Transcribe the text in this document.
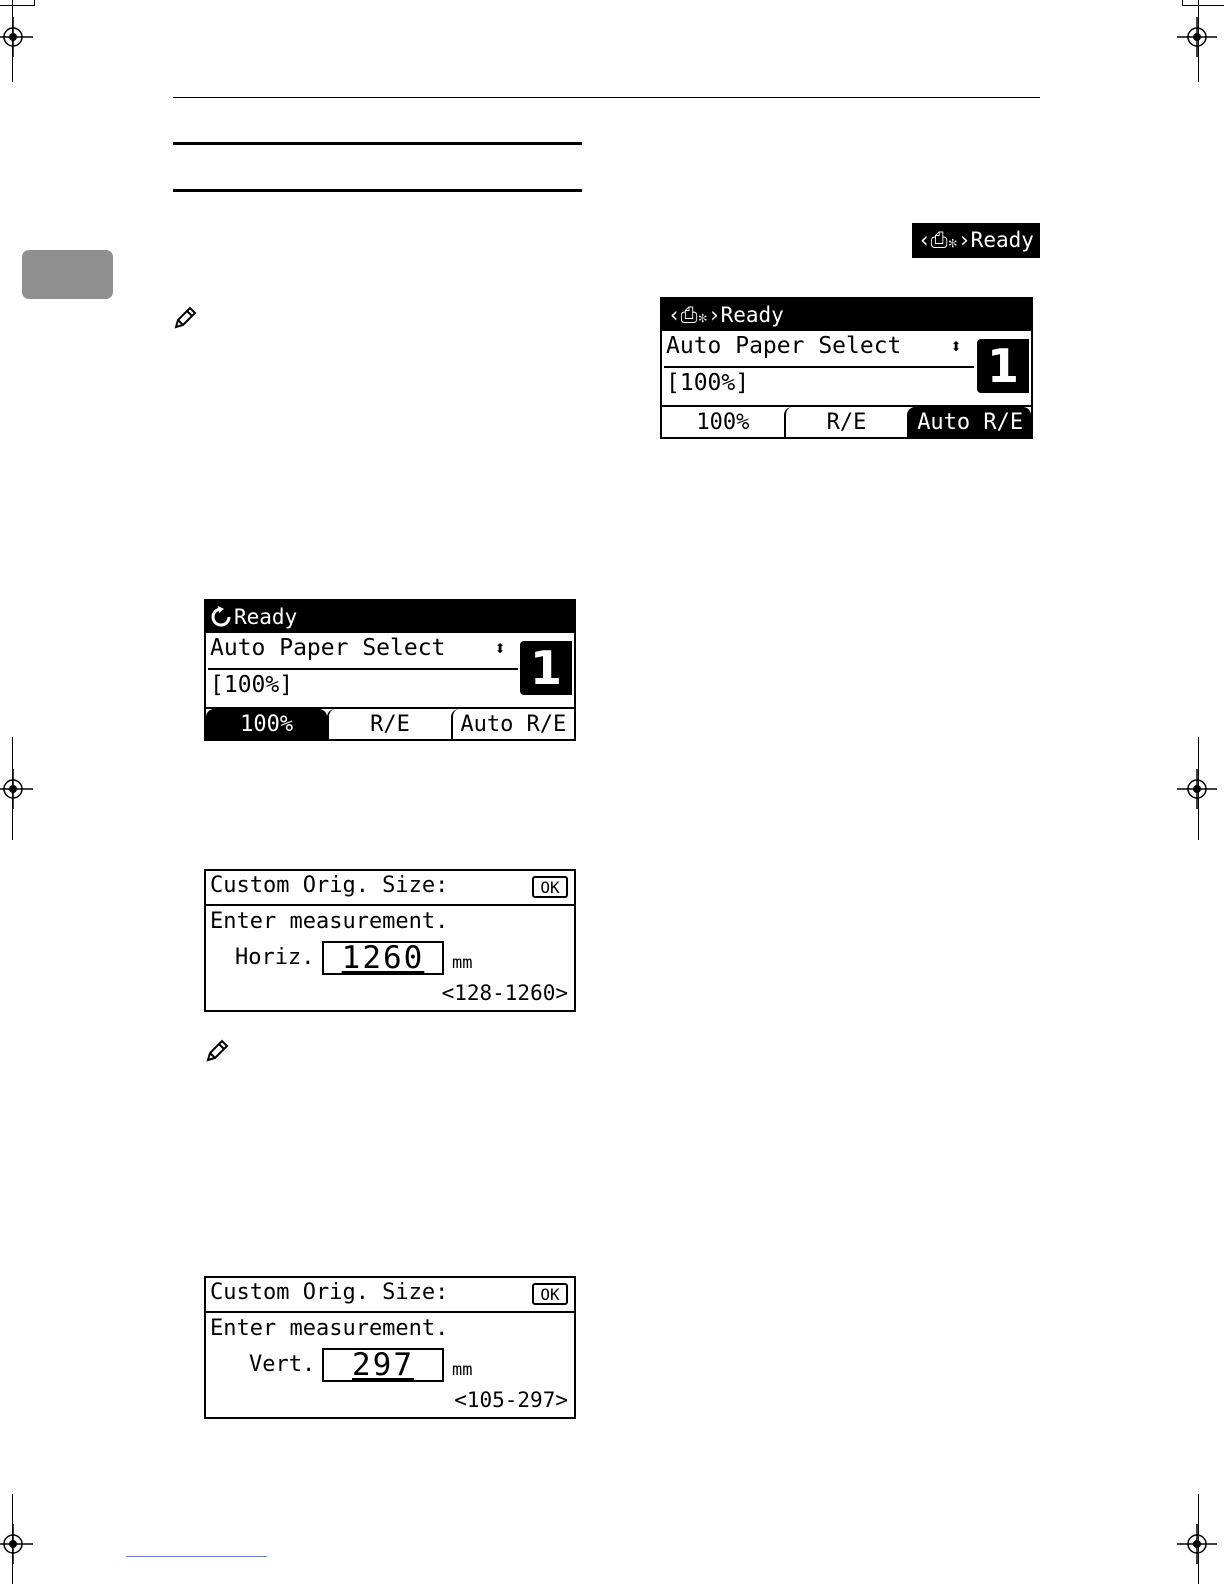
‹⎙⁎›Ready
‹⎙⁎›Ready
Auto Paper Select ⬍
[100%]	1
100%	R/E	Auto R/E
Ready
Auto Paper Select ⬍
[100%]	1
100%	R/E	Auto R/E
Custom Orig. Size:	OK
Enter measurement.
Horiz. 1260	mm
<128-1260>
Custom Orig. Size:	OK
Enter measurement.
Vert.	297	mm
<105-297>
